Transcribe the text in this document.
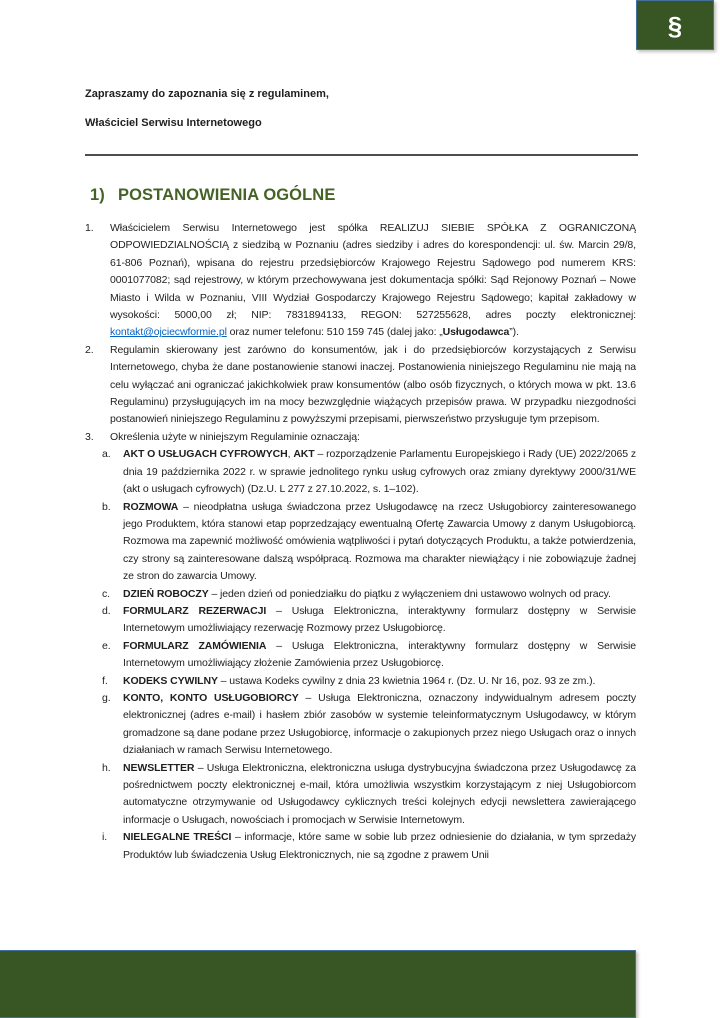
§
Zapraszamy do zapoznania się z regulaminem,
Właściciel Serwisu Internetowego
1) POSTANOWIENIA OGÓLNE
1.	Właścicielem Serwisu Internetowego jest spółka REALIZUJ SIEBIE SPÓŁKA Z OGRANICZONĄ ODPOWIEDZIALNOŚCIĄ z siedzibą w Poznaniu (adres siedziby i adres do korespondencji: ul. św. Marcin 29/8, 61-806 Poznań), wpisana do rejestru przedsiębiorców Krajowego Rejestru Sądowego pod numerem KRS: 0001077082; sąd rejestrowy, w którym przechowywana jest dokumentacja spółki: Sąd Rejonowy Poznań – Nowe Miasto i Wilda w Poznaniu, VIII Wydział Gospodarczy Krajowego Rejestru Sądowego; kapitał zakładowy w wysokości: 5000,00 zł; NIP: 7831894133, REGON: 527255628, adres poczty elektronicznej: kontakt@ojciecwformie.pl oraz numer telefonu: 510 159 745 (dalej jako: „Usługodawca”).
2.	Regulamin skierowany jest zarówno do konsumentów, jak i do przedsiębiorców korzystających z Serwisu Internetowego, chyba że dane postanowienie stanowi inaczej. Postanowienia niniejszego Regulaminu nie mają na celu wyłączać ani ograniczać jakichkolwiek praw konsumentów (albo osób fizycznych, o których mowa w pkt. 13.6 Regulaminu) przysługujących im na mocy bezwzględnie wiążących przepisów prawa. W przypadku niezgodności postanowień niniejszego Regulaminu z powyższymi przepisami, pierwszeństwo przysługuje tym przepisom.
3.	Określenia użyte w niniejszym Regulaminie oznaczają:
a.	AKT O USŁUGACH CYFROWYCH, AKT – rozporządzenie Parlamentu Europejskiego i Rady (UE) 2022/2065 z dnia 19 października 2022 r. w sprawie jednolitego rynku usług cyfrowych oraz zmiany dyrektywy 2000/31/WE (akt o usługach cyfrowych) (Dz.U. L 277 z 27.10.2022, s. 1–102).
b.	ROZMOWA – nieodpłatna usługa świadczona przez Usługodawcę na rzecz Usługobiorcy zainteresowanego jego Produktem, która stanowi etap poprzedzający ewentualną Ofertę Zawarcia Umowy z danym Usługobiorcą. Rozmowa ma zapewnić możliwość omówienia wątpliwości i pytań dotyczących Produktu, a także potwierdzenia, czy strony są zainteresowane dalszą współpracą. Rozmowa ma charakter niewiążący i nie zobowiązuje żadnej ze stron do zawarcia Umowy.
c.	DZIEŃ ROBOCZY – jeden dzień od poniedziałku do piątku z wyłączeniem dni ustawowo wolnych od pracy.
d.	FORMULARZ REZERWACJI – Usługa Elektroniczna, interaktywny formularz dostępny w Serwisie Internetowym umożliwiający rezerwację Rozmowy przez Usługobiorcę.
e.	FORMULARZ ZAMÓWIENIA – Usługa Elektroniczna, interaktywny formularz dostępny w Serwisie Internetowym umożliwiający złożenie Zamówienia przez Usługobiorcę.
f.	KODEKS CYWILNY – ustawa Kodeks cywilny z dnia 23 kwietnia 1964 r. (Dz. U. Nr 16, poz. 93 ze zm.).
g.	KONTO, KONTO USŁUGOBIORCY – Usługa Elektroniczna, oznaczony indywidualnym adresem poczty elektronicznej (adres e-mail) i hasłem zbiór zasobów w systemie teleinformatycznym Usługodawcy, w którym gromadzone są dane podane przez Usługobiorcę, informacje o zakupionych przez niego Usługach oraz o innych działaniach w ramach Serwisu Internetowego.
h.	NEWSLETTER – Usługa Elektroniczna, elektroniczna usługa dystrybucyjna świadczona przez Usługodawcę za pośrednictwem poczty elektronicznej e-mail, która umożliwia wszystkim korzystającym z niej Usługobiorcom automatyczne otrzymywanie od Usługodawcy cyklicznych treści kolejnych edycji newslettera zawierającego informacje o Usługach, nowościach i promocjach w Serwisie Internetowym.
i.	NIELEGALNE TREŚCI – informacje, które same w sobie lub przez odniesienie do działania, w tym sprzedaży Produktów lub świadczenia Usług Elektronicznych, nie są zgodne z prawem Unii
